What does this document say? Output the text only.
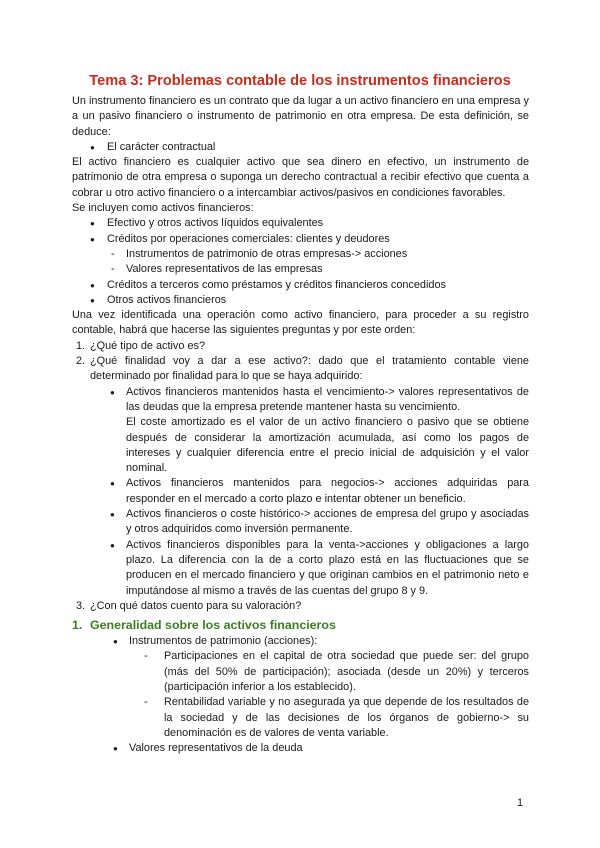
Tema 3: Problemas contable de los instrumentos financieros

Un instrumento financiero es un contrato que da lugar a un activo financiero en una empresa y a un pasivo financiero o instrumento de patrimonio en otra empresa. De esta definición, se deduce:

● El carácter contractual

El activo financiero es cualquier activo que sea dinero en efectivo, un instrumento de patrimonio de otra empresa o suponga un derecho contractual a recibir efectivo que cuenta a cobrar u otro activo financiero o a intercambiar activos/pasivos en condiciones favorables.

Se incluyen como activos financieros:

● Efectivo y otros activos líquidos equivalentes
● Créditos por operaciones comerciales: clientes y deudores
- Instrumentos de patrimonio de otras empresas-> acciones
- Valores representativos de las empresas
● Créditos a terceros como préstamos y créditos financieros concedidos
● Otros activos financieros

Una vez identificada una operación como activo financiero, para proceder a su registro contable, habrá que hacerse las siguientes preguntas y por este orden:

1. ¿Qué tipo de activo es?
2. ¿Qué finalidad voy a dar a ese activo?: dado que el tratamiento contable viene determinado por finalidad para lo que se haya adquirido:
● Activos financieros mantenidos hasta el vencimiento-> valores representativos de las deudas que la empresa pretende mantener hasta su vencimiento.

El coste amortizado es el valor de un activo financiero o pasivo que se obtiene después de considerar la amortización acumulada, así como los pagos de intereses y cualquier diferencia entre el precio inicial de adquisición y el valor nominal.

● Activos financieros mantenidos para negocios-> acciones adquiridas para responder en el mercado a corto plazo e intentar obtener un beneficio.
● Activos financieros o coste histórico-> acciones de empresa del grupo y asociadas y otros adquiridos como inversión permanente.
● Activos financieros disponibles para la venta->acciones y obligaciones a largo plazo. La diferencia con la de a corto plazo está en las fluctuaciones que se producen en el mercado financiero y que originan cambios en el patrimonio neto e imputándose al mismo a través de las cuentas del grupo 8 y 9.
3. ¿Con qué datos cuento para su valoración?
1. Generalidad sobre los activos financieros
● Instrumentos de patrimonio (acciones):
- Participaciones en el capital de otra sociedad que puede ser: del grupo (más del 50% de participación); asociada (desde un 20%) y terceros (participación inferior a los establecido).
- Rentabilidad variable y no asegurada ya que depende de los resultados de la sociedad y de las decisiones de los órganos de gobierno-> su denominación es de valores de venta variable.
● Valores representativos de la deuda
1
